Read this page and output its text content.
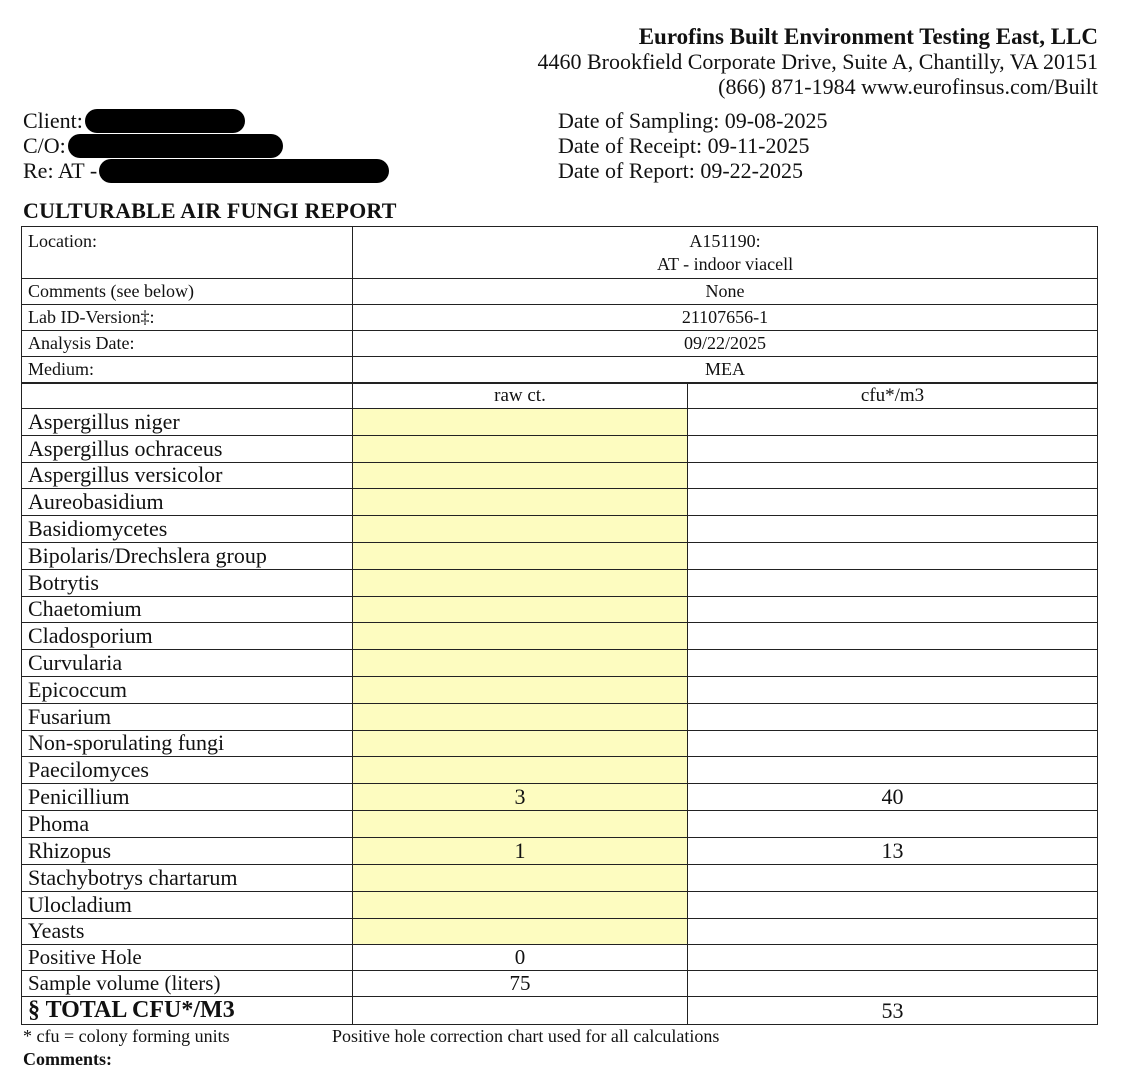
Eurofins Built Environment Testing East, LLC
4460 Brookfield Corporate Drive, Suite A, Chantilly, VA 20151
(866) 871-1984 www.eurofinsus.com/Built
Client:
C/O:
Re: AT -
Date of Sampling: 09-08-2025
Date of Receipt: 09-11-2025
Date of Report: 09-22-2025
CULTURABLE AIR FUNGI REPORT
Location:	A151190:
AT - indoor viacell	

Comments (see below)	None	
Lab ID-Version‡:	21107656-1	
Analysis Date:	09/22/2025	
Medium:	MEA	
	raw ct.	cfu*/m3
Aspergillus niger		
Aspergillus ochraceus		
Aspergillus versicolor		
Aureobasidium		
Basidiomycetes		
Bipolaris/Drechslera group		
Botrytis		
Chaetomium		
Cladosporium		
Curvularia		
Epicoccum		
Fusarium		
Non-sporulating fungi		
Paecilomyces		
Penicillium	3	40
Phoma		
Rhizopus	1	13
Stachybotrys chartarum		
Ulocladium		
Yeasts		
Positive Hole	0	
Sample volume (liters)	75	
§ TOTAL CFU*/M3		53
* cfu = colony forming units	Positive hole correction chart used for all calculations
Comments:
